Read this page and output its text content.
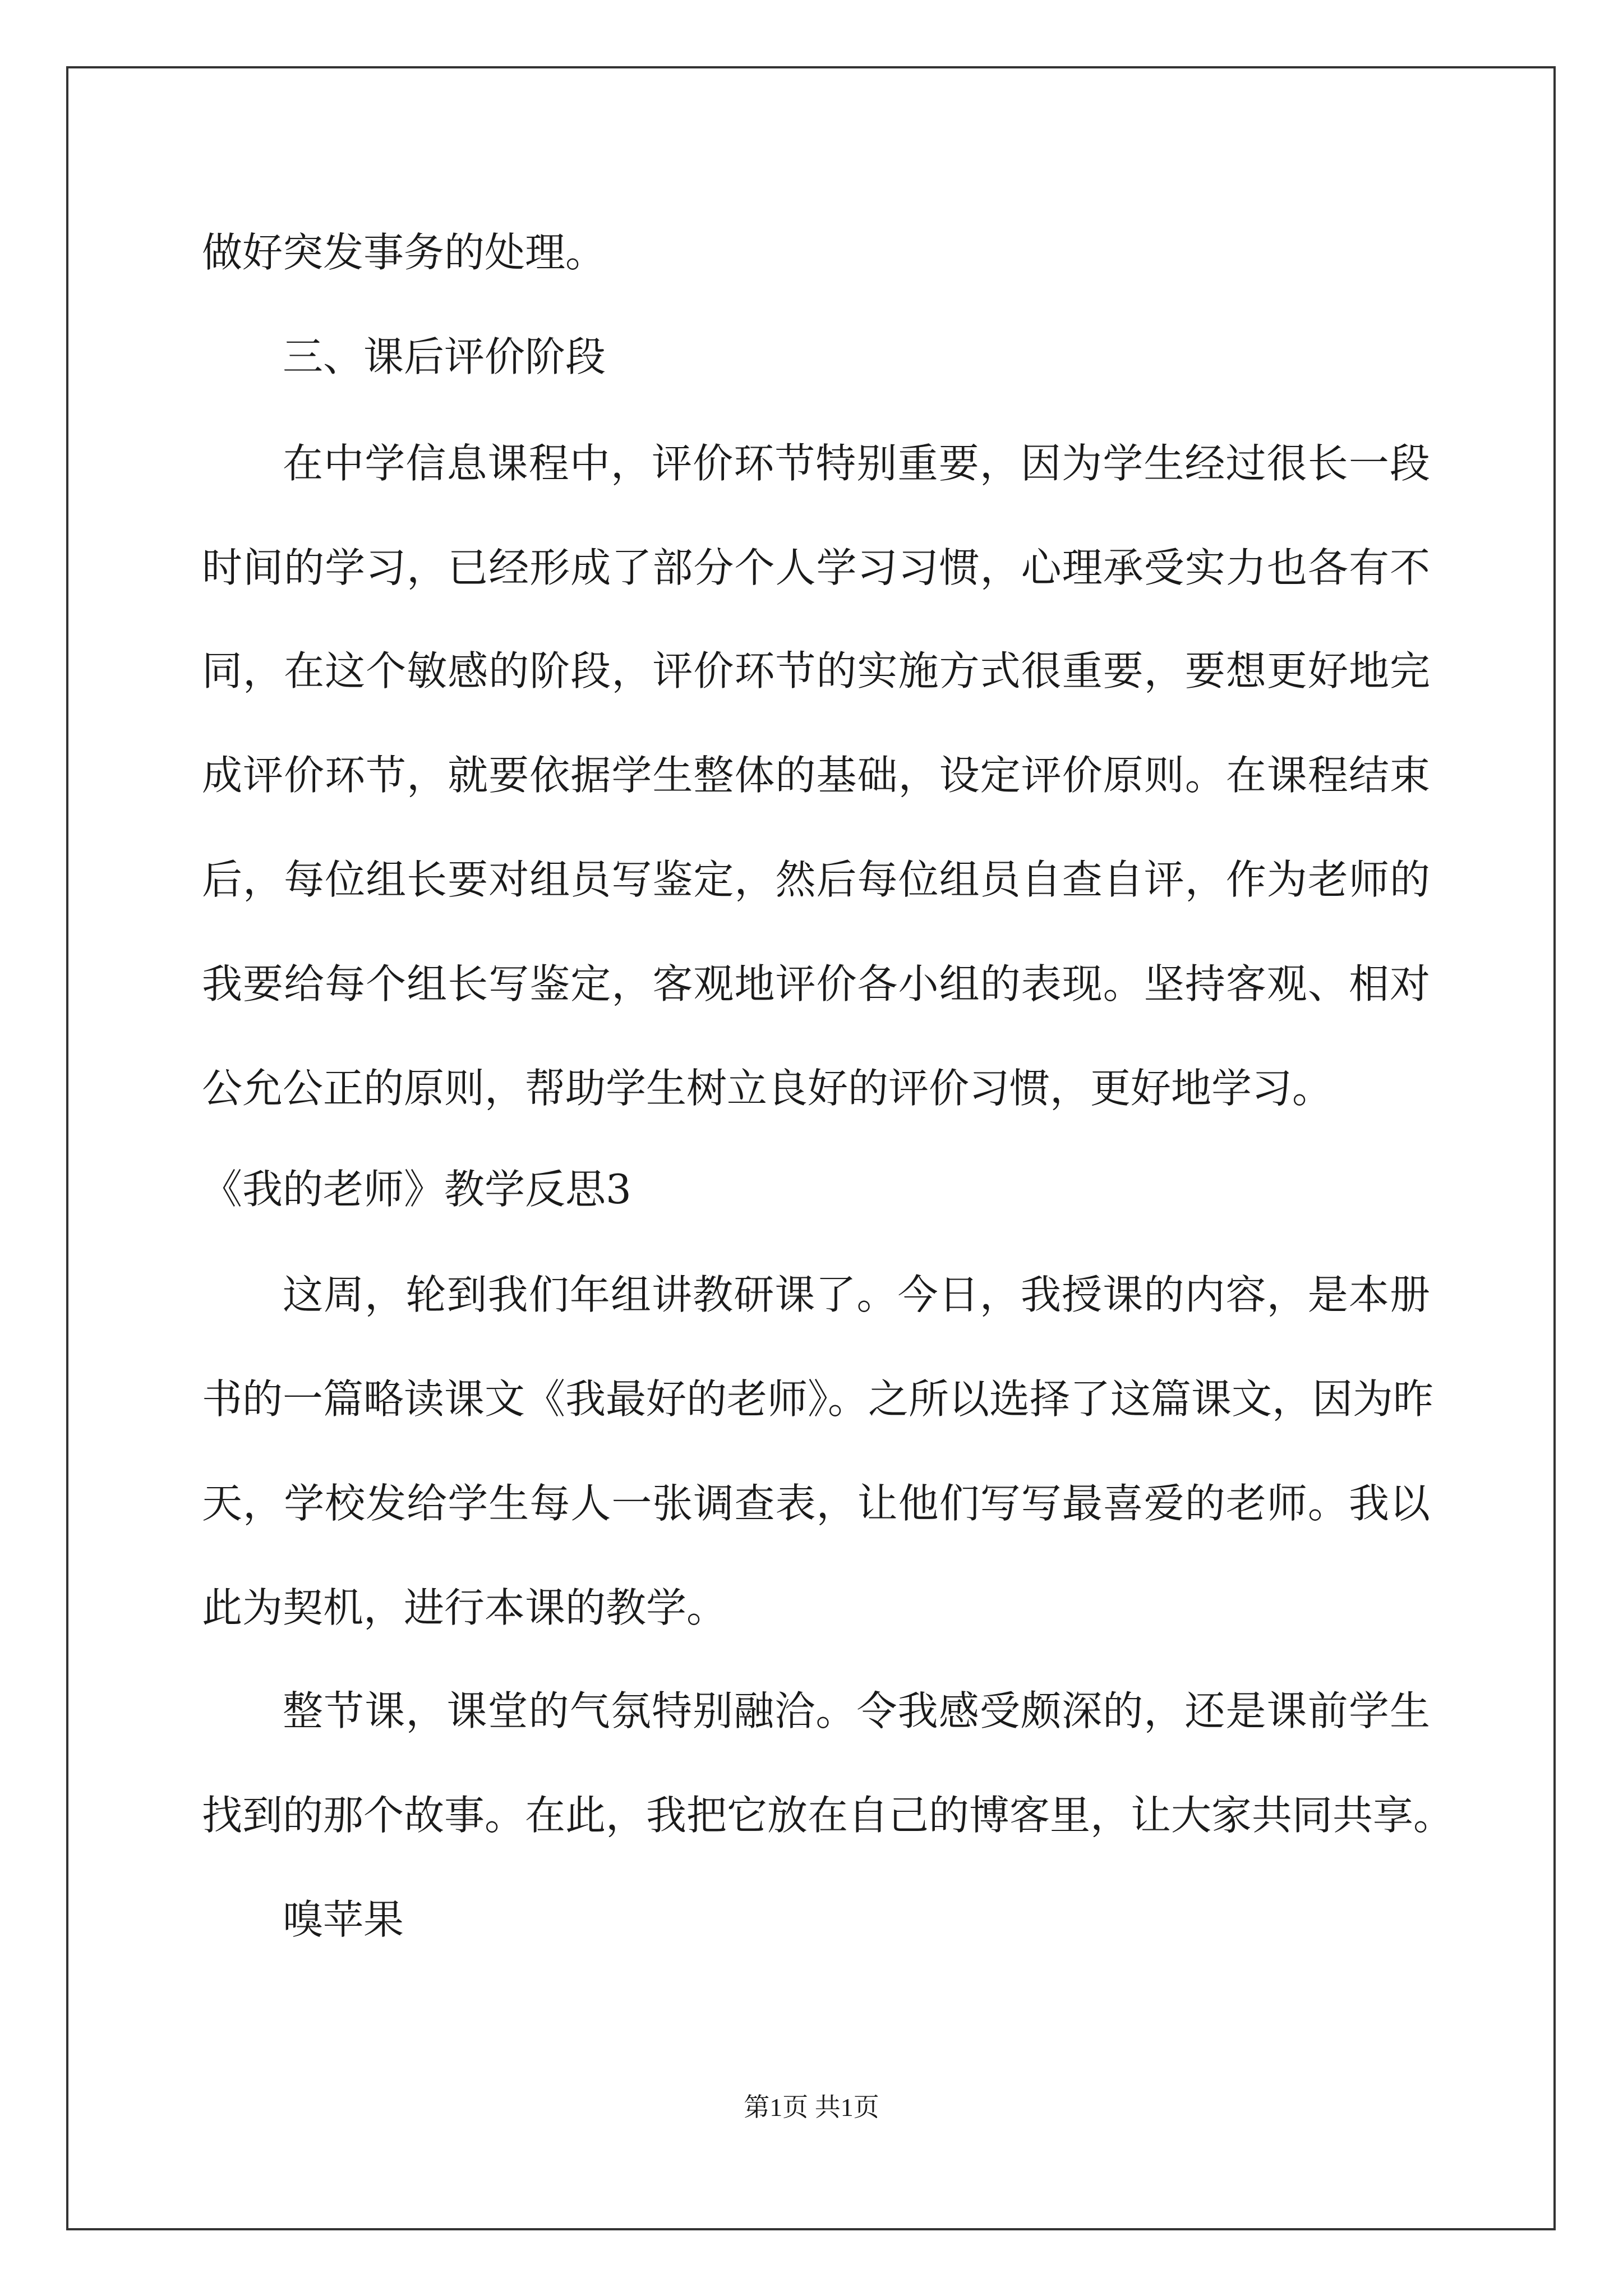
做好突发事务的处理。
三、课后评价阶段
在中学信息课程中，评价环节特别重要，因为学生经过很长一段
时间的学习，已经形成了部分个人学习习惯，心理承受实力也各有不
同，在这个敏感的阶段，评价环节的实施方式很重要，要想更好地完
成评价环节，就要依据学生整体的基础，设定评价原则。在课程结束
后，每位组长要对组员写鉴定，然后每位组员自查自评，作为老师的
我要给每个组长写鉴定，客观地评价各小组的表现。坚持客观、相对
公允公正的原则，帮助学生树立良好的评价习惯，更好地学习。
《我的老师》教学反思3
这周，轮到我们年组讲教研课了。今日，我授课的内容，是本册
书的一篇略读课文《我最好的老师》。之所以选择了这篇课文，因为昨
天，学校发给学生每人一张调查表，让他们写写最喜爱的老师。我以
此为契机，进行本课的教学。
整节课，课堂的气氛特别融洽。令我感受颇深的，还是课前学生
找到的那个故事。在此，我把它放在自己的博客里，让大家共同共享。
嗅苹果
第1页 共1页
